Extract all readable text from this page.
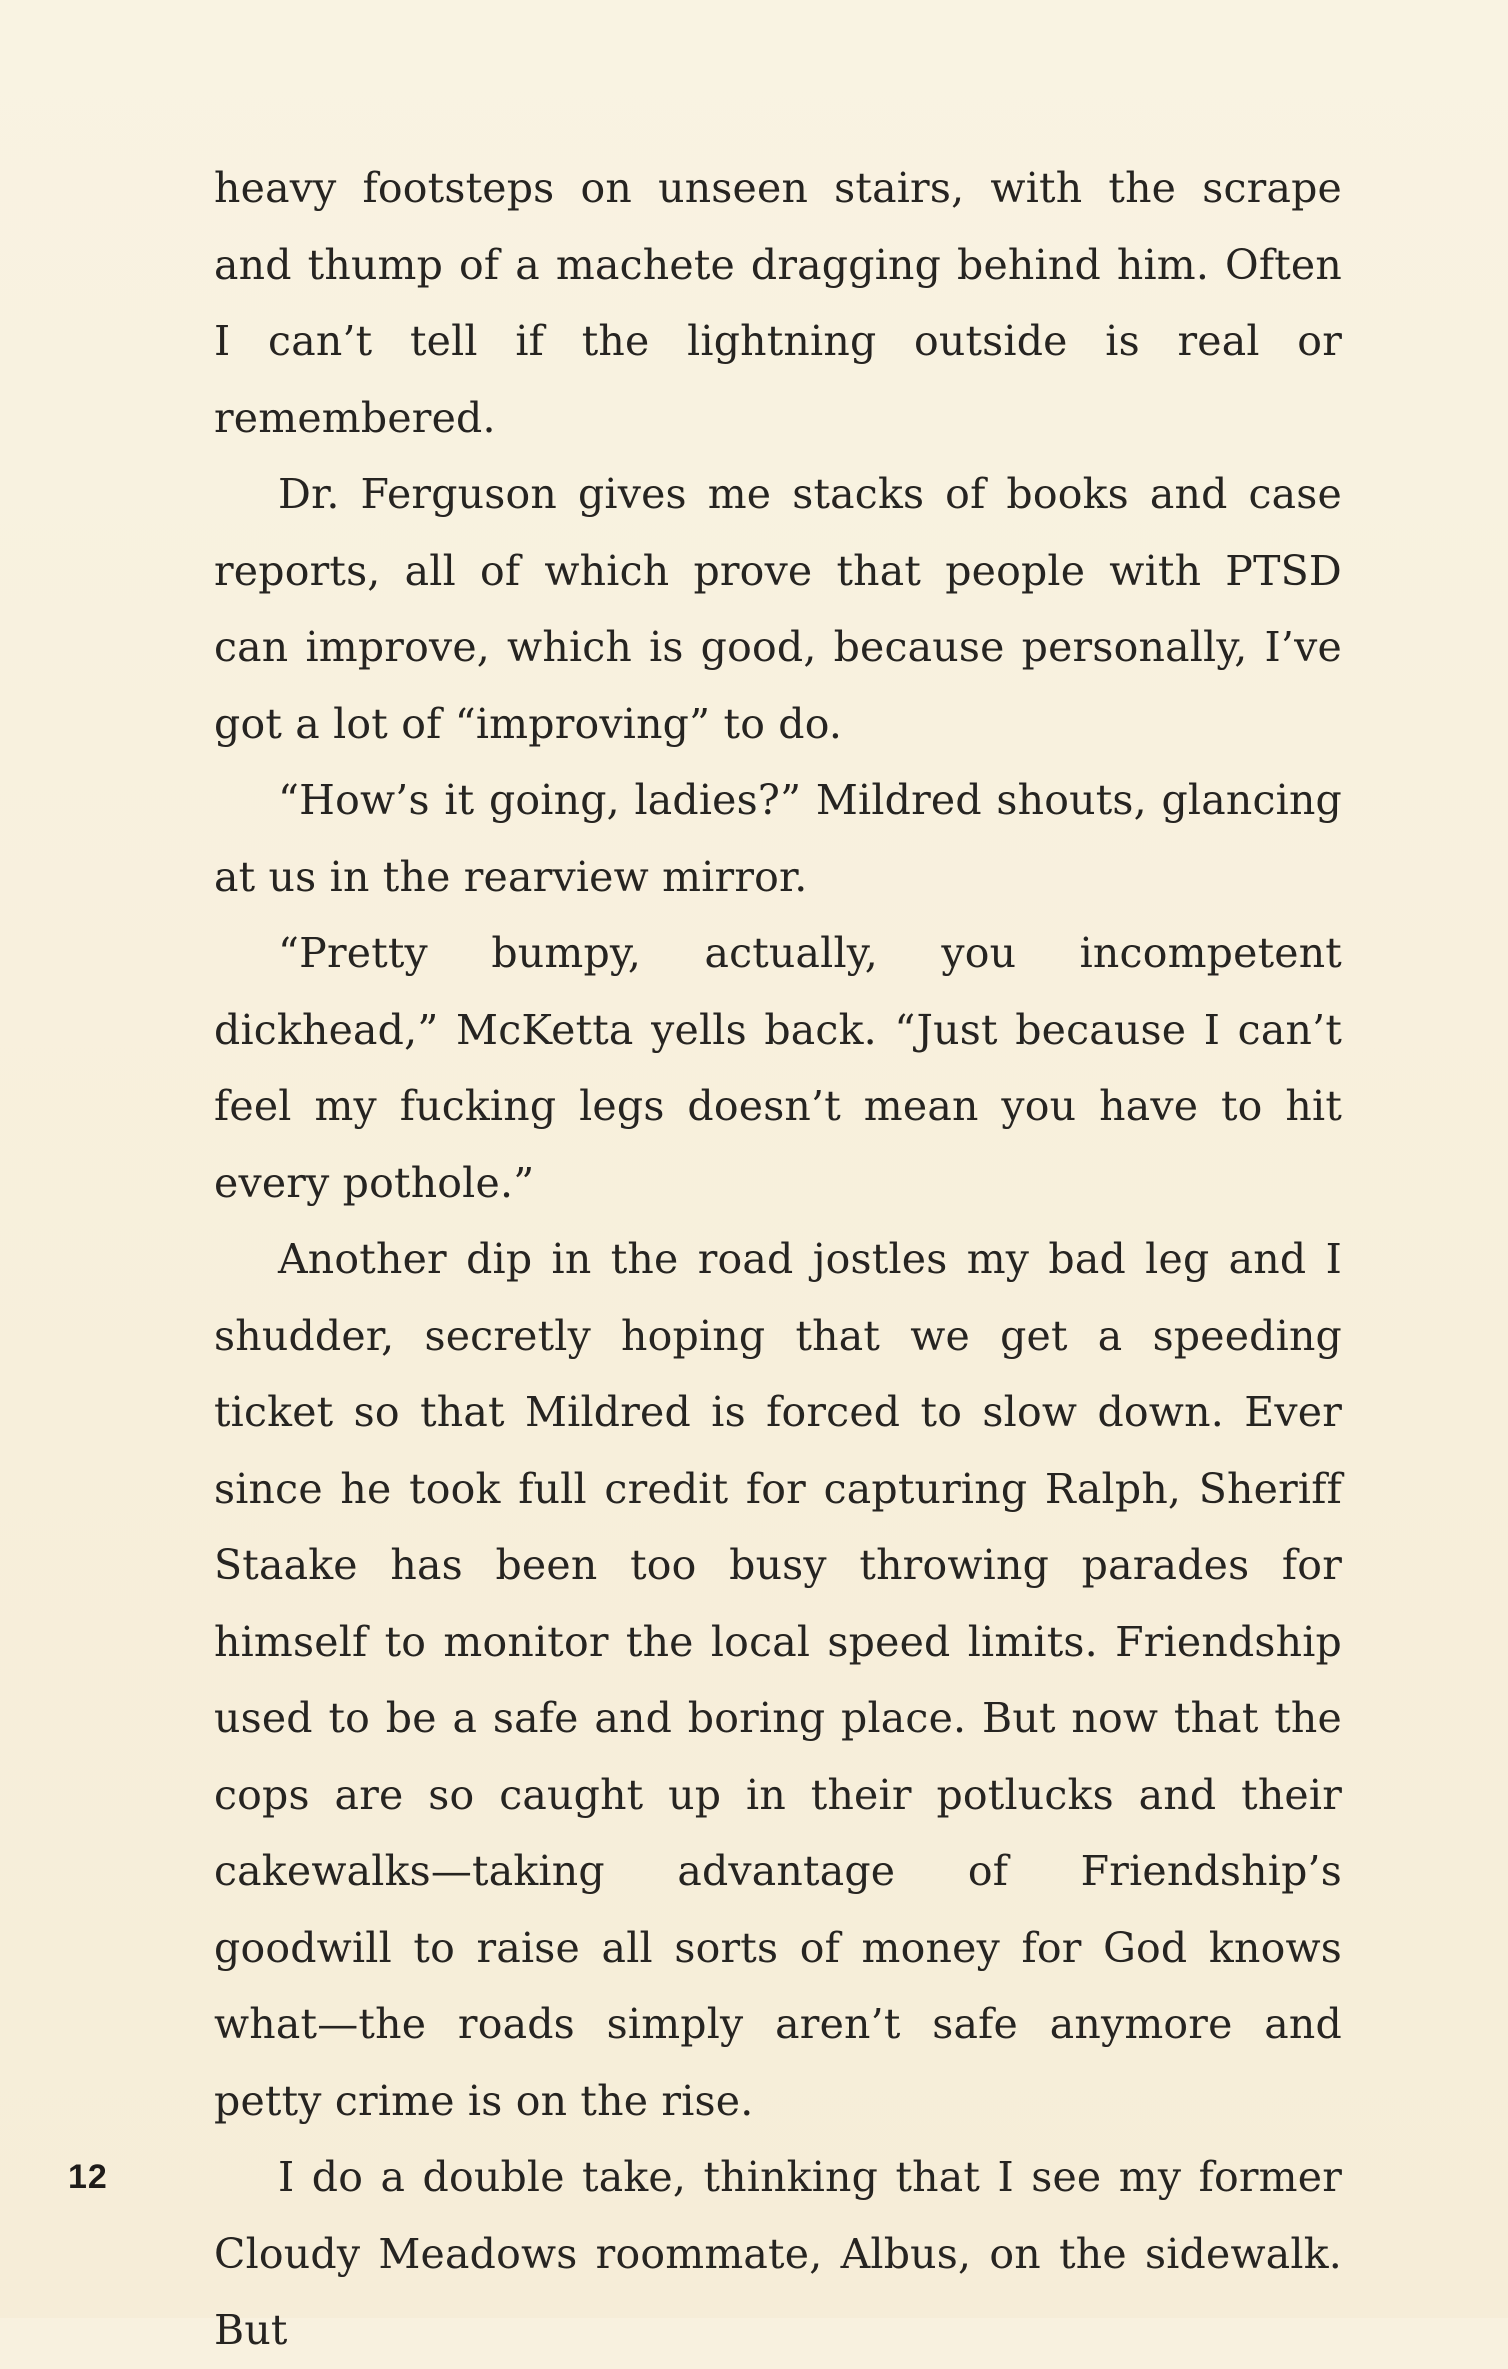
heavy footsteps on unseen stairs, with the scrape and thump of a machete dragging behind him. Often I can’t tell if the lightning outside is real or remembered.

Dr. Ferguson gives me stacks of books and case reports, all of which prove that people with PTSD can improve, which is good, because personally, I’ve got a lot of “improving” to do.

“How’s it going, ladies?” Mildred shouts, glancing at us in the rearview mirror.

“Pretty bumpy, actually, you incompetent dickhead,” McKetta yells back. “Just because I can’t feel my fucking legs doesn’t mean you have to hit every pothole.”

Another dip in the road jostles my bad leg and I shudder, secretly hoping that we get a speeding ticket so that Mildred is forced to slow down. Ever since he took full credit for capturing Ralph, Sheriff Staake has been too busy throwing parades for himself to monitor the local speed limits. Friendship used to be a safe and boring place. But now that the cops are so caught up in their potlucks and their cakewalks—taking advantage of Friendship’s goodwill to raise all sorts of money for God knows what—the roads simply aren’t safe anymore and petty crime is on the rise.

I do a double take, thinking that I see my former Cloudy Meadows roommate, Albus, on the sidewalk. But

12
